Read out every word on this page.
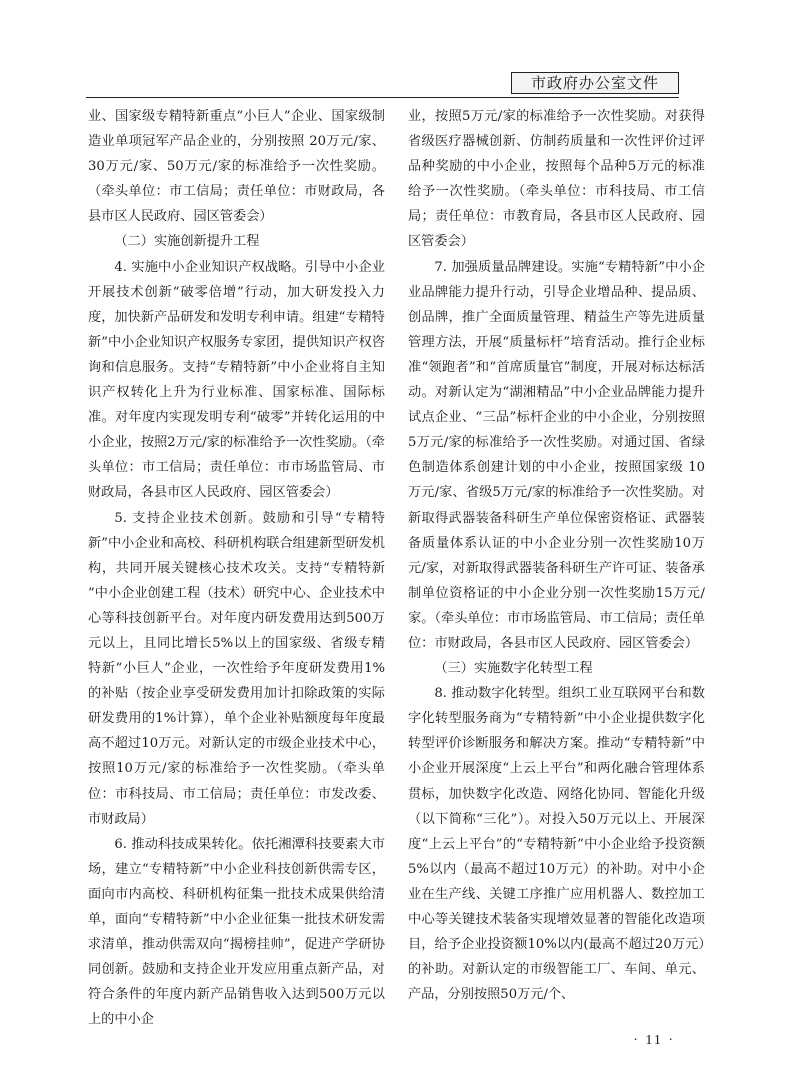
市政府办公室文件

业、国家级专精特新重点“小巨人”企业、国家级制造业单项冠军产品企业的，分别按照 20万元/家、30万元/家、50万元/家的标准给予一次性奖励。（牵头单位：市工信局；责任单位：市财政局，各县市区人民政府、园区管委会）

（二）实施创新提升工程

4. 实施中小企业知识产权战略。引导中小企业开展技术创新“破零倍增”行动，加大研发投入力度，加快新产品研发和发明专利申请。组建“专精特新”中小企业知识产权服务专家团，提供知识产权咨询和信息服务。支持“专精特新”中小企业将自主知识产权转化上升为行业标准、国家标准、国际标准。对年度内实现发明专利“破零”并转化运用的中小企业，按照2万元/家的标准给予一次性奖励。（牵头单位：市工信局；责任单位：市市场监管局、市财政局，各县市区人民政府、园区管委会）

5. 支持企业技术创新。鼓励和引导“专精特新”中小企业和高校、科研机构联合组建新型研发机构，共同开展关键核心技术攻关。支持“专精特新 ”中小企业创建工程（技术）研究中心、企业技术中心等科技创新平台。对年度内研发费用达到500万元以上，且同比增长5%以上的国家级、省级专精特新“小巨人”企业，一次性给予年度研发费用1%的补贴（按企业享受研发费用加计扣除政策的实际研发费用的1%计算），单个企业补贴额度每年度最高不超过10万元。对新认定的市级企业技术中心，按照10万元/家的标准给予一次性奖励。（牵头单位：市科技局、市工信局；责任单位：市发改委、市财政局）

6. 推动科技成果转化。依托湘潭科技要素大市场，建立“专精特新”中小企业科技创新供需专区，面向市内高校、科研机构征集一批技术成果供给清单，面向“专精特新”中小企业征集一批技术研发需求清单，推动供需双向“揭榜挂帅”，促进产学研协同创新。鼓励和支持企业开发应用重点新产品，对符合条件的年度内新产品销售收入达到500万元以上的中小企

业，按照5万元/家的标准给予一次性奖励。对获得省级医疗器械创新、仿制药质量和一次性评价过评品种奖励的中小企业，按照每个品种5万元的标准给予一次性奖励。（牵头单位：市科技局、市工信局；责任单位：市教育局，各县市区人民政府、园区管委会）

7. 加强质量品牌建设。实施“专精特新”中小企业品牌能力提升行动，引导企业增品种、提品质、创品牌，推广全面质量管理、精益生产等先进质量管理方法，开展“质量标杆”培育活动。推行企业标准“领跑者”和“首席质量官”制度，开展对标达标活动。对新认定为“湖湘精品”中小企业品牌能力提升试点企业、“三品”标杆企业的中小企业，分别按照5万元/家的标准给予一次性奖励。对通过国、省绿色制造体系创建计划的中小企业，按照国家级 10万元/家、省级5万元/家的标准给予一次性奖励。对新取得武器装备科研生产单位保密资格证、武器装备质量体系认证的中小企业分别一次性奖励10万元/家，对新取得武器装备科研生产许可证、装备承制单位资格证的中小企业分别一次性奖励15万元/家。（牵头单位：市市场监管局、市工信局；责任单位：市财政局，各县市区人民政府、园区管委会）

（三）实施数字化转型工程

8. 推动数字化转型。组织工业互联网平台和数字化转型服务商为“专精特新”中小企业提供数字化转型评价诊断服务和解决方案。推动“专精特新”中小企业开展深度“上云上平台”和两化融合管理体系贯标，加快数字化改造、网络化协同、智能化升级（以下简称“三化”）。对投入50万元以上、开展深度“上云上平台”的“专精特新”中小企业给予投资额5%以内（最高不超过10万元）的补助。对中小企业在生产线、关键工序推广应用机器人、数控加工中心等关键技术装备实现增效显著的智能化改造项目，给予企业投资额10%以内(最高不超过20万元）的补助。对新认定的市级智能工厂、车间、单元、产品，分别按照50万元/个、

· 11 ·
